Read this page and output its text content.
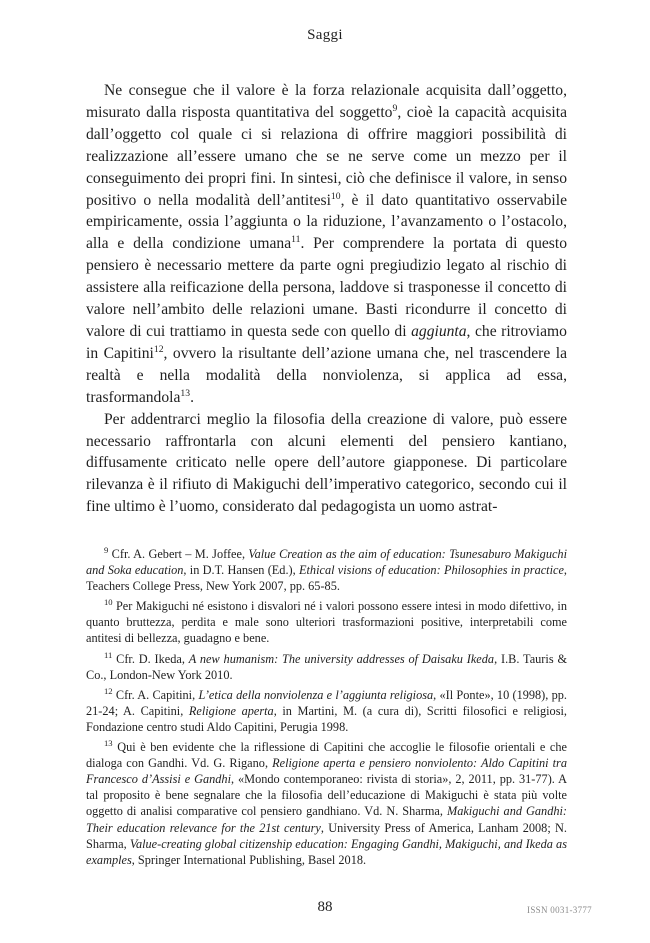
Saggi

Ne consegue che il valore è la forza relazionale acquisita dall’oggetto, misurato dalla risposta quantitativa del soggetto$^9$, cioè la capacità acquisita dall’oggetto col quale ci si relaziona di offrire maggiori possibilità di realizzazione all’essere umano che se ne serve come un mezzo per il conseguimento dei propri fini. In sintesi, ciò che definisce il valore, in senso positivo o nella modalità dell’antitesi$^{10}$, è il dato quantitativo osservabile empiricamente, ossia l’aggiunta o la riduzione, l’avanzamento o l’ostacolo, alla e della condizione umana$^{11}$. Per comprendere la portata di questo pensiero è necessario mettere da parte ogni pregiudizio legato al rischio di assistere alla reificazione della persona, laddove si trasponesse il concetto di valore nell’ambito delle relazioni umane. Basti ricondurre il concetto di valore di cui trattiamo in questa sede con quello di aggiunta, che ritroviamo in Capitini$^{12}$, ovvero la risultante dell’azione umana che, nel trascendere la realtà e nella modalità della nonviolenza, si applica ad essa, trasformandola$^{13}$.

Per addentrarci meglio la filosofia della creazione di valore, può essere necessario raffrontarla con alcuni elementi del pensiero kantiano, diffusamente criticato nelle opere dell’autore giapponese. Di particolare rilevanza è il rifiuto di Makiguchi dell’imperativo categorico, secondo cui il fine ultimo è l’uomo, considerato dal pedagogista un uomo astrat-

$^9$ Cfr. A. Gebert – M. Joffee, Value Creation as the aim of education: Tsunesaburo Makiguchi and Soka education, in D.T. Hansen (Ed.), Ethical visions of education: Philosophies in practice, Teachers College Press, New York 2007, pp. 65-85.

$^{10}$ Per Makiguchi né esistono i disvalori né i valori possono essere intesi in modo difettivo, in quanto bruttezza, perdita e male sono ulteriori trasformazioni positive, interpretabili come antitesi di bellezza, guadagno e bene.

$^{11}$ Cfr. D. Ikeda, A new humanism: The university addresses of Daisaku Ikeda, I.B. Tauris & Co., London-New York 2010.

$^{12}$ Cfr. A. Capitini, L’etica della nonviolenza e l’aggiunta religiosa, «Il Ponte», 10 (1998), pp. 21-24; A. Capitini, Religione aperta, in Martini, M. (a cura di), Scritti filosofici e religiosi, Fondazione centro studi Aldo Capitini, Perugia 1998.

$^{13}$ Qui è ben evidente che la riflessione di Capitini che accoglie le filosofie orientali e che dialoga con Gandhi. Vd. G. Rigano, Religione aperta e pensiero nonviolento: Aldo Capitini tra Francesco d’Assisi e Gandhi, «Mondo contemporaneo: rivista di storia», 2, 2011, pp. 31-77). A tal proposito è bene segnalare che la filosofia dell’educazione di Makiguchi è stata più volte oggetto di analisi comparative col pensiero gandhiano. Vd. N. Sharma, Makiguchi and Gandhi: Their education relevance for the 21st century, University Press of America, Lanham 2008; N. Sharma, Value-creating global citizenship education: Engaging Gandhi, Makiguchi, and Ikeda as examples, Springer International Publishing, Basel 2018.

88	ISSN 0031-3777
